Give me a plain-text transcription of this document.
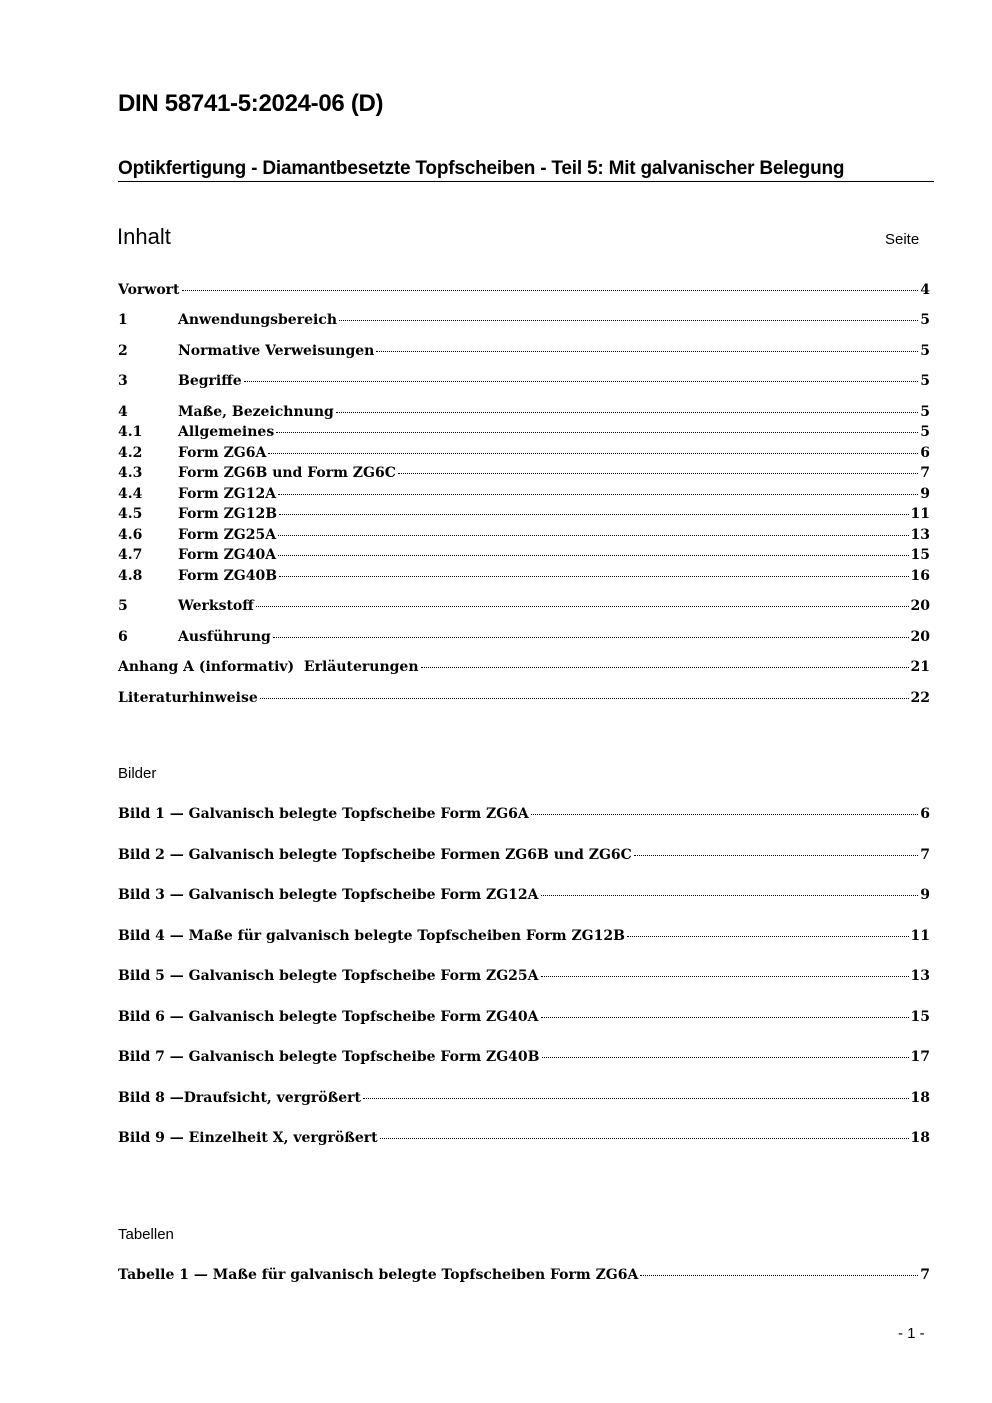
DIN 58741-5:2024-06 (D)
Optikfertigung - Diamantbesetzte Topfscheiben - Teil 5: Mit galvanischer Belegung
Inhalt	Seite
Vorwort	4
1	Anwendungsbereich	5
2	Normative Verweisungen	5
3	Begriffe	5
4	Maße, Bezeichnung	5
4.1	Allgemeines	5
4.2	Form ZG6A	6
4.3	Form ZG6B und Form ZG6C	7
4.4	Form ZG12A	9
4.5	Form ZG12B	11
4.6	Form ZG25A	13
4.7	Form ZG40A	15
4.8	Form ZG40B	16
5	Werkstoff	20
6	Ausführung	20
Anhang A (informativ)  Erläuterungen	21
Literaturhinweise	22
Bilder
Bild 1 — Galvanisch belegte Topfscheibe Form ZG6A	6
Bild 2 — Galvanisch belegte Topfscheibe Formen ZG6B und ZG6C	7
Bild 3 — Galvanisch belegte Topfscheibe Form ZG12A	9
Bild 4 — Maße für galvanisch belegte Topfscheiben Form ZG12B	11
Bild 5 — Galvanisch belegte Topfscheibe Form ZG25A	13
Bild 6 — Galvanisch belegte Topfscheibe Form ZG40A	15
Bild 7 — Galvanisch belegte Topfscheibe Form ZG40B	17
Bild 8 —Draufsicht, vergrößert	18
Bild 9 — Einzelheit X, vergrößert	18
Tabellen
Tabelle 1 — Maße für galvanisch belegte Topfscheiben Form ZG6A	7
- 1 -
